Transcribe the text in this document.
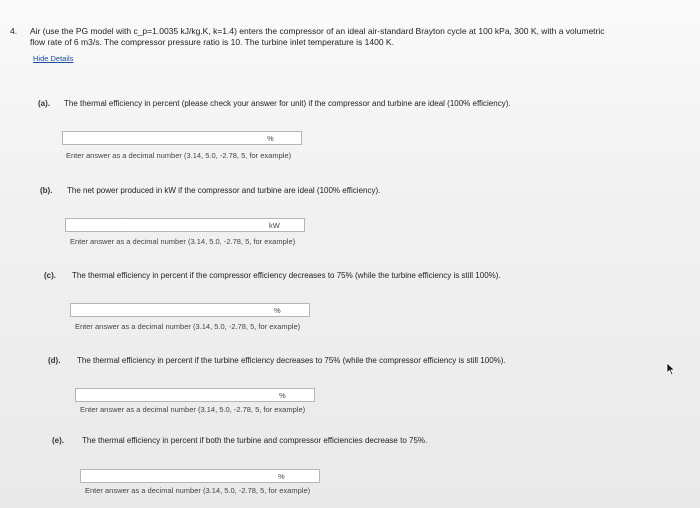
4. Air (use the PG model with c_p=1.0035 kJ/kg.K, k=1.4) enters the compressor of an ideal air-standard Brayton cycle at 100 kPa, 300 K, with a volumetric
flow rate of 6 m3/s. The compressor pressure ratio is 10. The turbine inlet temperature is 1400 K.
Hide Details
(a). The thermal efficiency in percent (please check your answer for unit) if the compressor and turbine are ideal (100% efficiency).
%
Enter answer as a decimal number (3.14, 5.0, -2.78, 5, for example)
(b). The net power produced in kW if the compressor and turbine are ideal (100% efficiency).
kW
Enter answer as a decimal number (3.14, 5.0, -2.78, 5, for example)
(c). The thermal efficiency in percent if the compressor efficiency decreases to 75% (while the turbine efficiency is still 100%).
%
Enter answer as a decimal number (3.14, 5.0, -2.78, 5, for example)
(d). The thermal efficiency in percent if the turbine efficiency decreases to 75% (while the compressor efficiency is still 100%).
%
Enter answer as a decimal number (3.14, 5.0, -2.78, 5, for example)
(e). The thermal efficiency in percent if both the turbine and compressor efficiencies decrease to 75%.
%
Enter answer as a decimal number (3.14, 5.0, -2.78, 5, for example)
